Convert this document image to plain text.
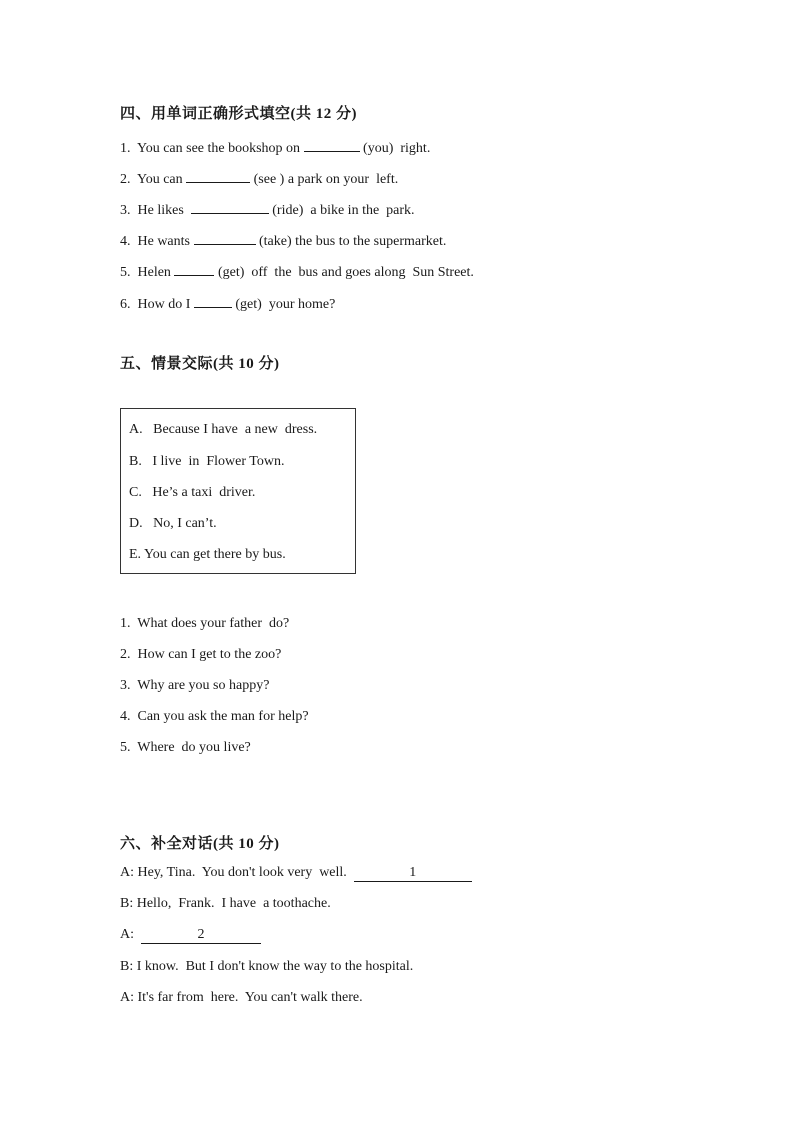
四、用单词正确形式填空(共 12 分)
1.  You can see the bookshop on	(you)  right.
2.  You can	(see ) a park on your  left.
3.  He likes	(ride)  a bike in the  park.
4.  He wants	(take) the bus to the supermarket.
5.  Helen	(get)  off  the  bus and goes along  Sun Street.
6.  How do I	(get)  your home?
五、情景交际(共 10 分)
A.   Because I have  a new  dress.
B.   I live  in  Flower Town.
C.   He’s a taxi  driver.
D.   No, I can’t.
E. You can get there by bus.
1.  What does your father  do?
2.  How can I get to the zoo?
3.  Why are you so happy?
4.  Can you ask the man for help?
5.  Where  do you live?
六、补全对话(共 10 分)
A: Hey, Tina.  You don't look very  well.	1
B: Hello,  Frank.  I have  a toothache.
A:	2
B: I know.  But I don't know the way to the hospital.
A: It's far from  here.  You can't walk there.
